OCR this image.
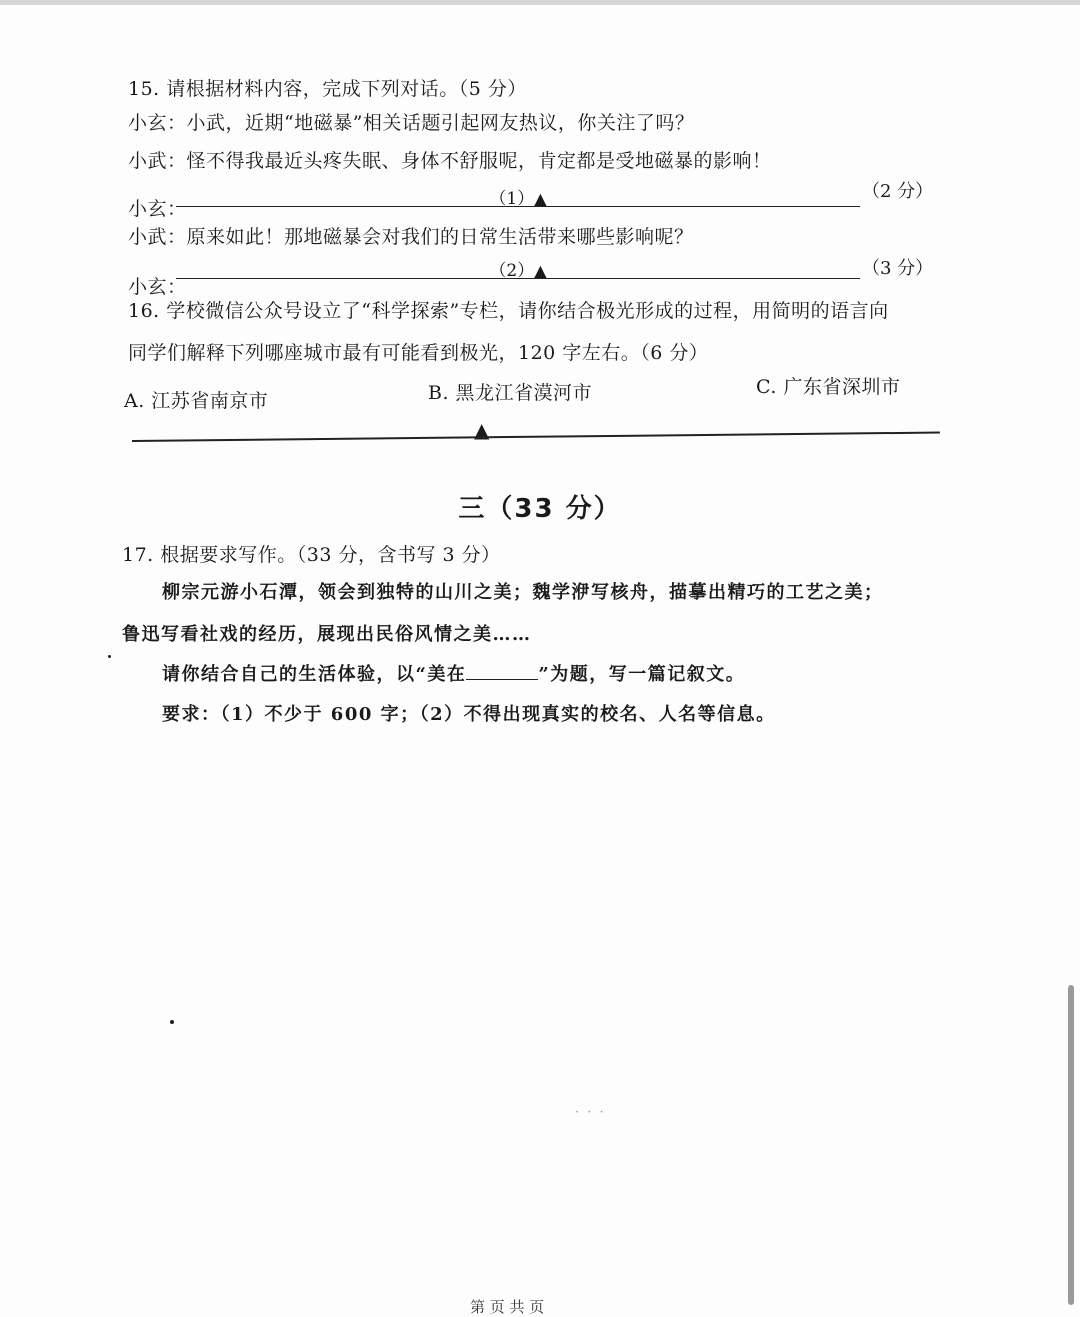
15. 请根据材料内容，完成下列对话。（5 分）
小玄：小武，近期“地磁暴”相关话题引起网友热议，你关注了吗？
小武：怪不得我最近头疼失眠、身体不舒服呢，肯定都是受地磁暴的影响！
小玄：	（1）▲	（2 分）
小武：原来如此！那地磁暴会对我们的日常生活带来哪些影响呢？
小玄：
（2）▲	（3 分）
16. 学校微信公众号设立了“科学探索”专栏，请你结合极光形成的过程，用简明的语言向
同学们解释下列哪座城市最有可能看到极光，120 字左右。（6 分）
A. 江苏省南京市	B. 黑龙江省漠河市	C. 广东省深圳市
▲
三（33 分）
17. 根据要求写作。（33 分，含书写 3 分）
柳宗元游小石潭，领会到独特的山川之美；魏学洢写核舟，描摹出精巧的工艺之美；
鲁迅写看社戏的经历，展现出民俗风情之美……
请你结合自己的生活体验，以“美在	”为题，写一篇记叙文。
要求：（1）不少于 600 字；（2）不得出现真实的校名、人名等信息。
· · ·
第 页 共 页
